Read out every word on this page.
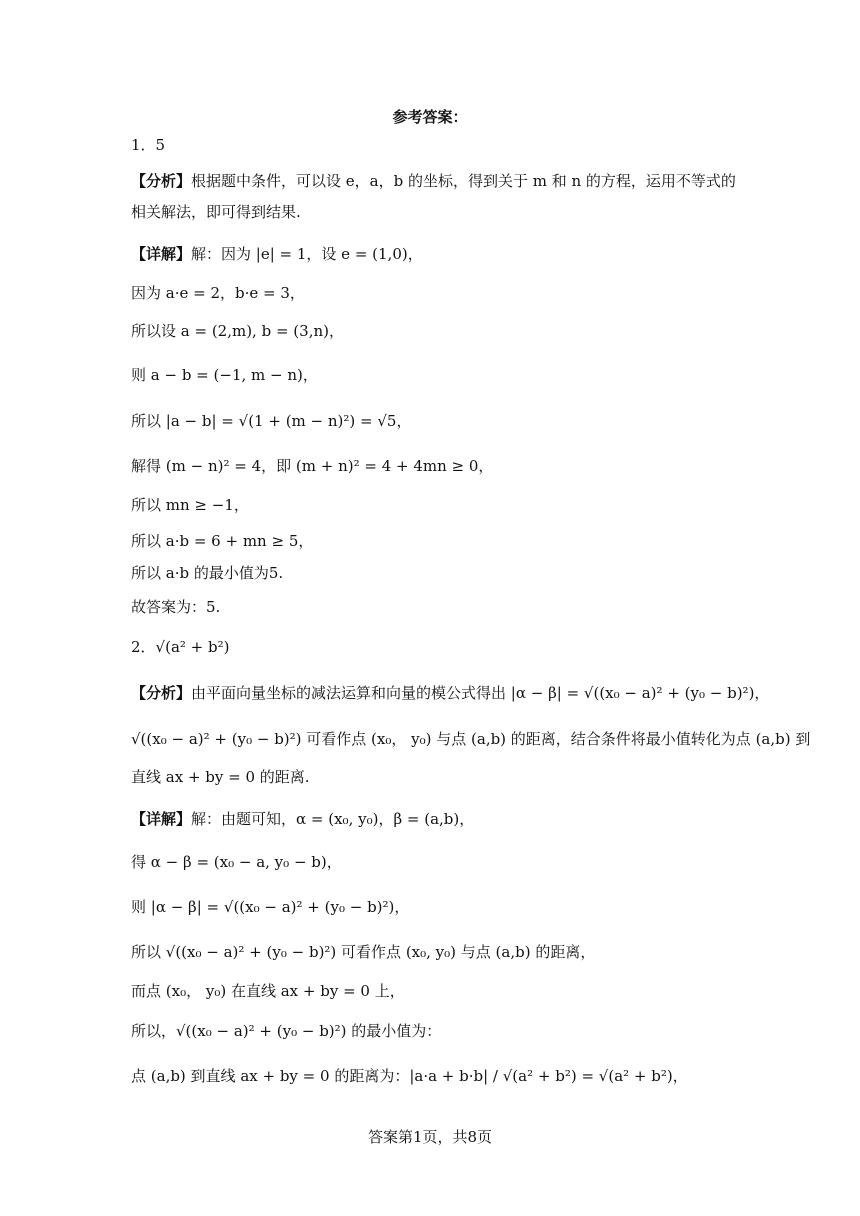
参考答案：
1．5
【分析】根据题中条件，可以设 e，a，b 的坐标，得到关于 m 和 n 的方程，运用不等式的
相关解法，即可得到结果.
【详解】解：因为 |e| = 1，设 e = (1,0)，
因为 a·e = 2，b·e = 3，
所以设 a = (2,m), b = (3,n)，
则 a − b = (−1, m − n)，
所以 |a − b| = √(1 + (m − n)²) = √5，
解得 (m − n)² = 4，即 (m + n)² = 4 + 4mn ≥ 0，
所以 mn ≥ −1，
所以 a·b = 6 + mn ≥ 5，
所以 a·b 的最小值为5.
故答案为：5.
2．√(a² + b²)
【分析】由平面向量坐标的减法运算和向量的模公式得出 |α − β| = √((x₀ − a)² + (y₀ − b)²)，
√((x₀ − a)² + (y₀ − b)²) 可看作点 (x₀， y₀) 与点 (a,b) 的距离，结合条件将最小值转化为点 (a,b) 到
直线 ax + by = 0 的距离.
【详解】解：由题可知，α = (x₀, y₀)，β = (a,b)，
得 α − β = (x₀ − a, y₀ − b)，
则 |α − β| = √((x₀ − a)² + (y₀ − b)²)，
所以 √((x₀ − a)² + (y₀ − b)²) 可看作点 (x₀, y₀) 与点 (a,b) 的距离，
而点 (x₀， y₀) 在直线 ax + by = 0 上，
所以，√((x₀ − a)² + (y₀ − b)²) 的最小值为：
点 (a,b) 到直线 ax + by = 0 的距离为：|a·a + b·b| / √(a² + b²) = √(a² + b²)，
答案第1页，共8页
